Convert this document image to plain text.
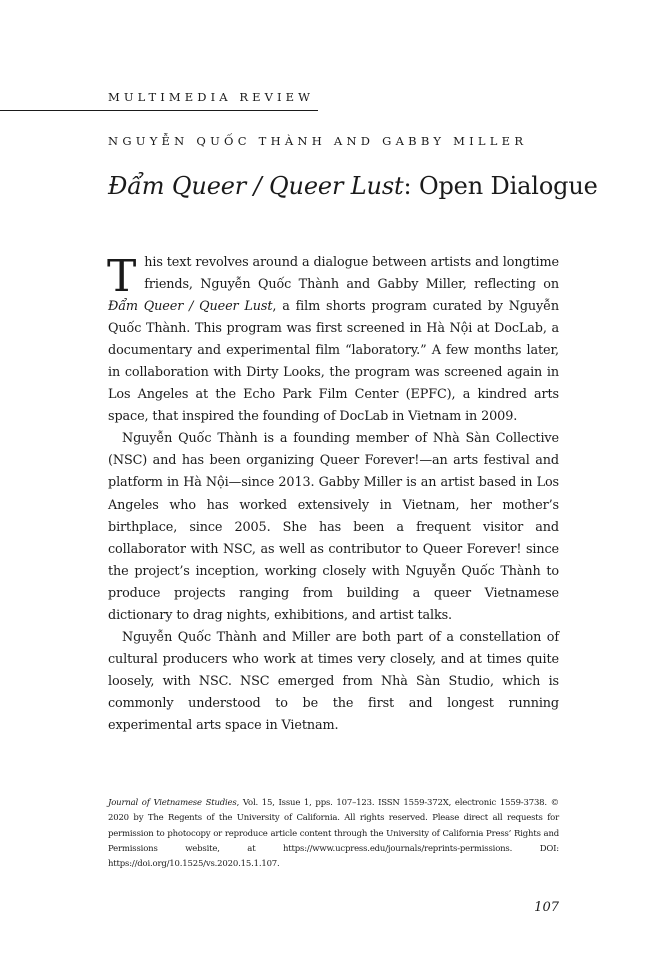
MULTIMEDIA REVIEW
NGUYỄN QUỐC THÀNH AND GABBY MILLER
Đẩm Queer / Queer Lust: Open Dialogue

This text revolves around a dialogue between artists and longtime friends, Nguyễn Quốc Thành and Gabby Miller, reflecting on Đẩm Queer / Queer Lust, a film shorts program curated by Nguyễn Quốc Thành. This program was first screened in Hà Nội at DocLab, a documentary and experimental film “laboratory.” A few months later, in collaboration with Dirty Looks, the program was screened again in Los Angeles at the Echo Park Film Center (EPFC), a kindred arts space, that inspired the founding of DocLab in Vietnam in 2009.

Nguyễn Quốc Thành is a founding member of Nhà Sàn Collective (NSC) and has been organizing Queer Forever!—an arts festival and platform in Hà Nội—since 2013. Gabby Miller is an artist based in Los Angeles who has worked extensively in Vietnam, her mother’s birthplace, since 2005. She has been a frequent visitor and collaborator with NSC, as well as contributor to Queer Forever! since the project’s inception, working closely with Nguyễn Quốc Thành to produce projects ranging from building a queer Vietnamese dictionary to drag nights, exhibitions, and artist talks.

Nguyễn Quốc Thành and Miller are both part of a constellation of cultural producers who work at times very closely, and at times quite loosely, with NSC. NSC emerged from Nhà Sàn Studio, which is commonly understood to be the first and longest running experimental arts space in Vietnam.

Journal of Vietnamese Studies, Vol. 15, Issue 1, pps. 107–123. ISSN 1559-372X, electronic 1559-3738. © 2020 by The Regents of the University of California. All rights reserved. Please direct all requests for permission to photocopy or reproduce article content through the University of California Press’ Rights and Permissions website, at https://www.ucpress.edu/journals/reprints-permissions. DOI: https://doi.org/10.1525/vs.2020.15.1.107.
107
